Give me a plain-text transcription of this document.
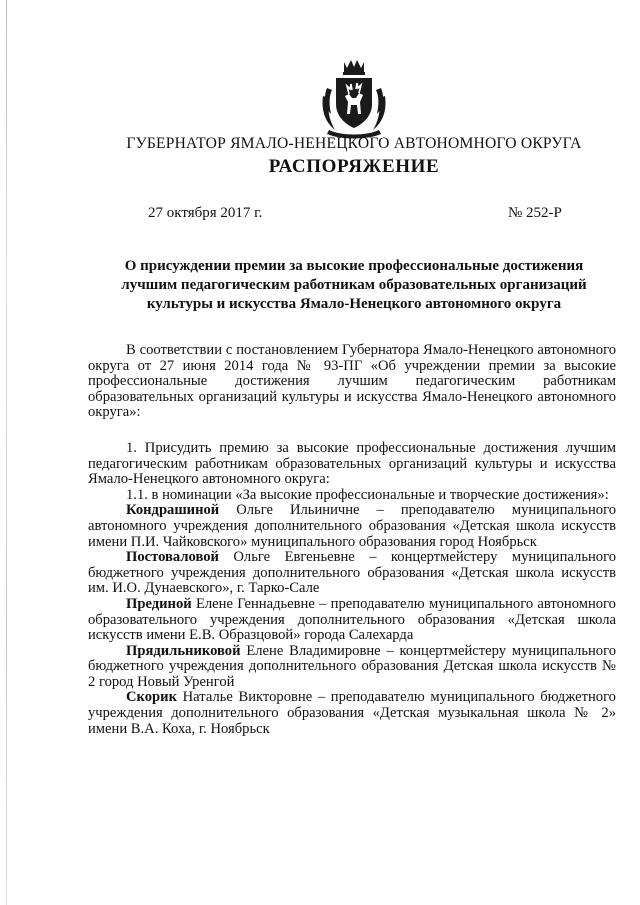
ГУБЕРНАТОР ЯМАЛО-НЕНЕЦКОГО АВТОНОМНОГО ОКРУГА
РАСПОРЯЖЕНИЕ
27 октября 2017 г.	№ 252-Р
О присуждении премии за высокие профессиональные достижения
лучшим педагогическим работникам образовательных организаций
культуры и искусства Ямало-Ненецкого автономного округа

В соответствии с постановлением Губернатора Ямало-Ненецкого автономного округа от 27 июня 2014 года № 93-ПГ «Об учреждении премии за высокие профессиональные достижения лучшим педагогическим работникам образовательных организаций культуры и искусства Ямало-Ненецкого автономного округа»:

1. Присудить премию за высокие профессиональные достижения лучшим педагогическим работникам образовательных организаций культуры и искусства Ямало-Ненецкого автономного округа:

1.1. в номинации «За высокие профессиональные и творческие достижения»:

Кондрашиной Ольге Ильиничне – преподавателю муниципального автономного учреждения дополнительного образования «Детская школа искусств имени П.И. Чайковского» муниципального образования город Ноябрьск

Постоваловой Ольге Евгеньевне – концертмейстеру муниципального бюджетного учреждения дополнительного образования «Детская школа искусств им. И.О. Дунаевского», г. Тарко-Сале

Прединой Елене Геннадьевне – преподавателю муниципального автономного образовательного учреждения дополнительного образования «Детская школа искусств имени Е.В. Образцовой» города Салехарда

Прядильниковой Елене Владимировне – концертмейстеру муниципального бюджетного учреждения дополнительного образования Детская школа искусств № 2 город Новый Уренгой

Скорик Наталье Викторовне – преподавателю муниципального бюджетного учреждения дополнительного образования «Детская музыкальная школа № 2» имени В.А. Коха, г. Ноябрьск
